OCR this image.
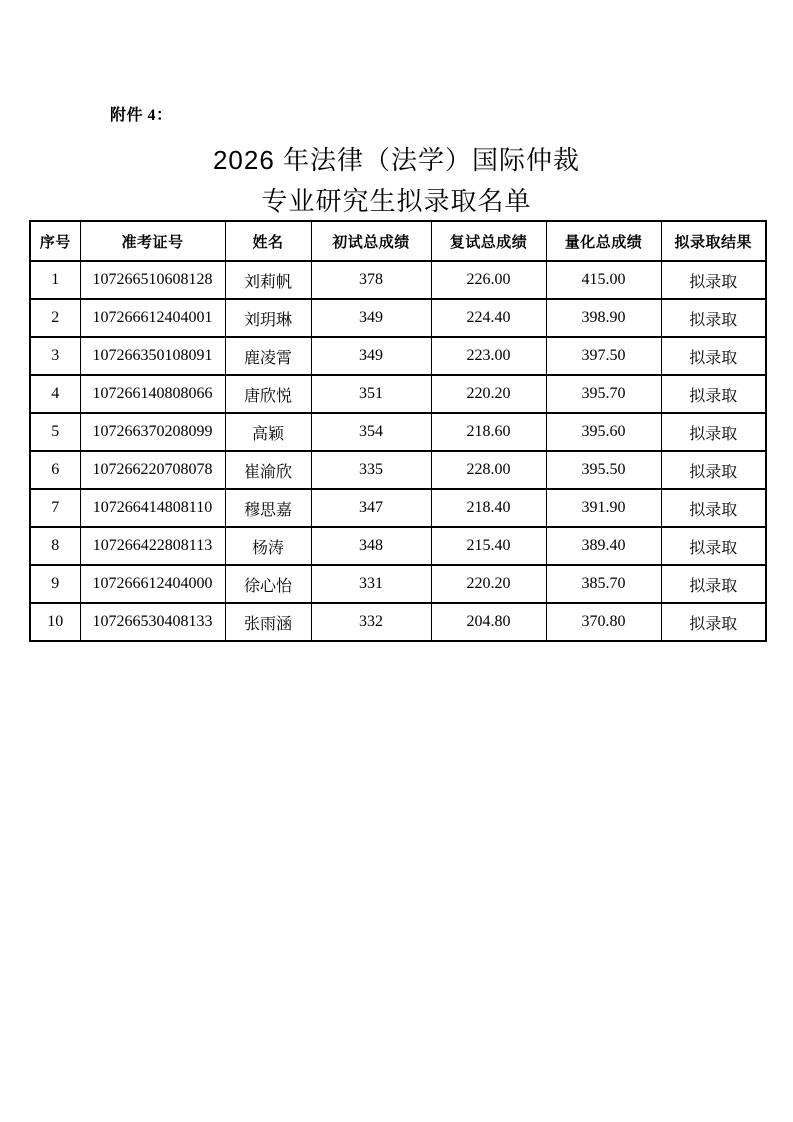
附件 4：
2026 年法律（法学）国际仲裁
专业研究生拟录取名单
序号	准考证号	姓名	初试总成绩	复试总成绩	量化总成绩	拟录取结果
1	107266510608128	刘莉帆	378	226.00	415.00	拟录取
2	107266612404001	刘玥琳	349	224.40	398.90	拟录取
3	107266350108091	鹿凌霄	349	223.00	397.50	拟录取
4	107266140808066	唐欣悦	351	220.20	395.70	拟录取
5	107266370208099	高颖	354	218.60	395.60	拟录取
6	107266220708078	崔渝欣	335	228.00	395.50	拟录取
7	107266414808110	穆思嘉	347	218.40	391.90	拟录取
8	107266422808113	杨涛	348	215.40	389.40	拟录取
9	107266612404000	徐心怡	331	220.20	385.70	拟录取
10	107266530408133	张雨涵	332	204.80	370.80	拟录取
